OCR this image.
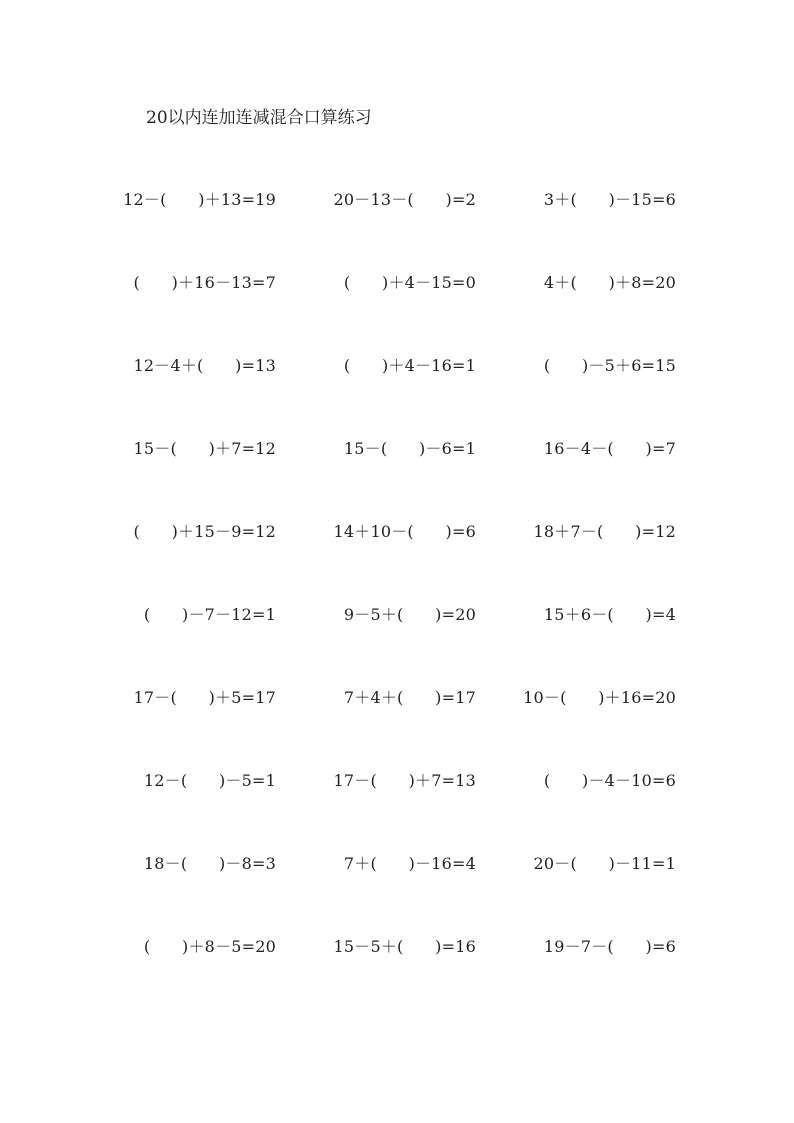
20以内连加连减混合口算练习
12－(      )＋13=19	20－13－(      )=2	3＋(      )－15=6
(      )＋16－13=7	(      )＋4－15=0	4＋(      )＋8=20
12－4＋(      )=13	(      )＋4－16=1	(      )－5＋6=15
15－(      )＋7=12	15－(      )－6=1	16－4－(      )=7
(      )＋15－9=12	14＋10－(      )=6	18＋7－(      )=12
(      )－7－12=1	9－5＋(      )=20	15＋6－(      )=4
17－(      )＋5=17	7＋4＋(      )=17	10－(      )＋16=20
12－(      )－5=1	17－(      )＋7=13	(      )－4－10=6
18－(      )－8=3	7＋(      )－16=4	20－(      )－11=1
(      )＋8－5=20	15－5＋(      )=16	19－7－(      )=6
